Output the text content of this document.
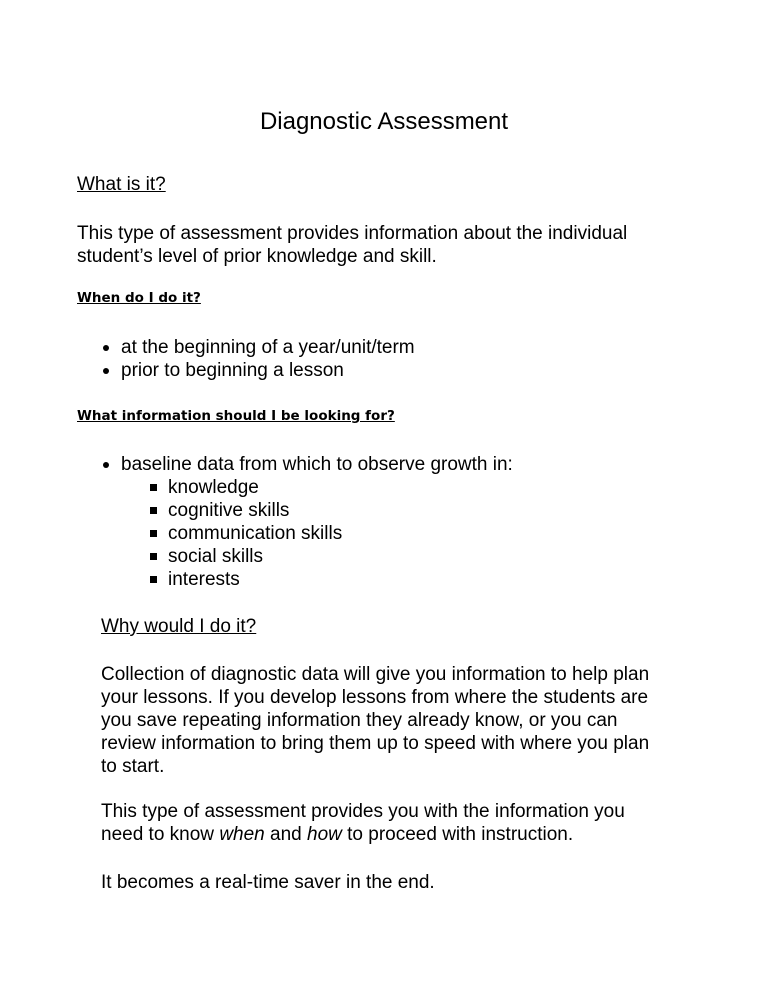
Diagnostic Assessment
What is it?
This type of assessment provides information about the individual
student’s level of prior knowledge and skill.
When do I do it?
at the beginning of a year/unit/term
prior to beginning a lesson
What information should I be looking for?
baseline data from which to observe growth in:
knowledge
cognitive skills
communication skills
social skills
interests
Why would I do it?
Collection of diagnostic data will give you information to help plan
your lessons. If you develop lessons from where the students are
you save repeating information they already know, or you can
review information to bring them up to speed with where you plan
to start.
This type of assessment provides you with the information you
need to know when and how to proceed with instruction.
It becomes a real-time saver in the end.
